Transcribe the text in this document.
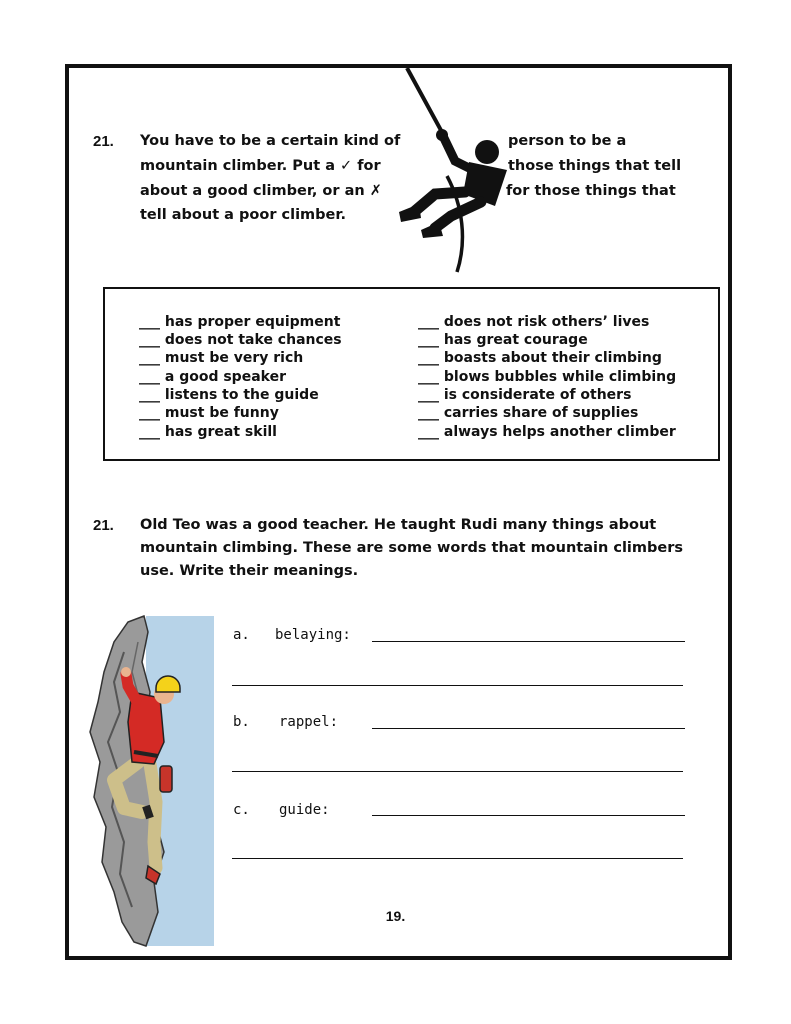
21. You have to be a certain kind of	person to be a
mountain climber. Put a ✓ for	those things that tell
about a good climber, or an ✗	for those things that
tell about a poor climber.
___ has proper equipment
___ does not take chances
___ must be very rich
___ a good speaker
___ listens to the guide
___ must be funny
___ has great skill
___ does not risk others’ lives
___ has great courage
___ boasts about their climbing
___ blows bubbles while climbing
___ is considerate of others
___ carries share of supplies
___ always helps another climber
21. Old Teo was a good teacher. He taught Rudi many things about
mountain climbing. These are some words that mountain climbers
use. Write their meanings.
a. belaying:
b. rappel:
c. guide:
19.
